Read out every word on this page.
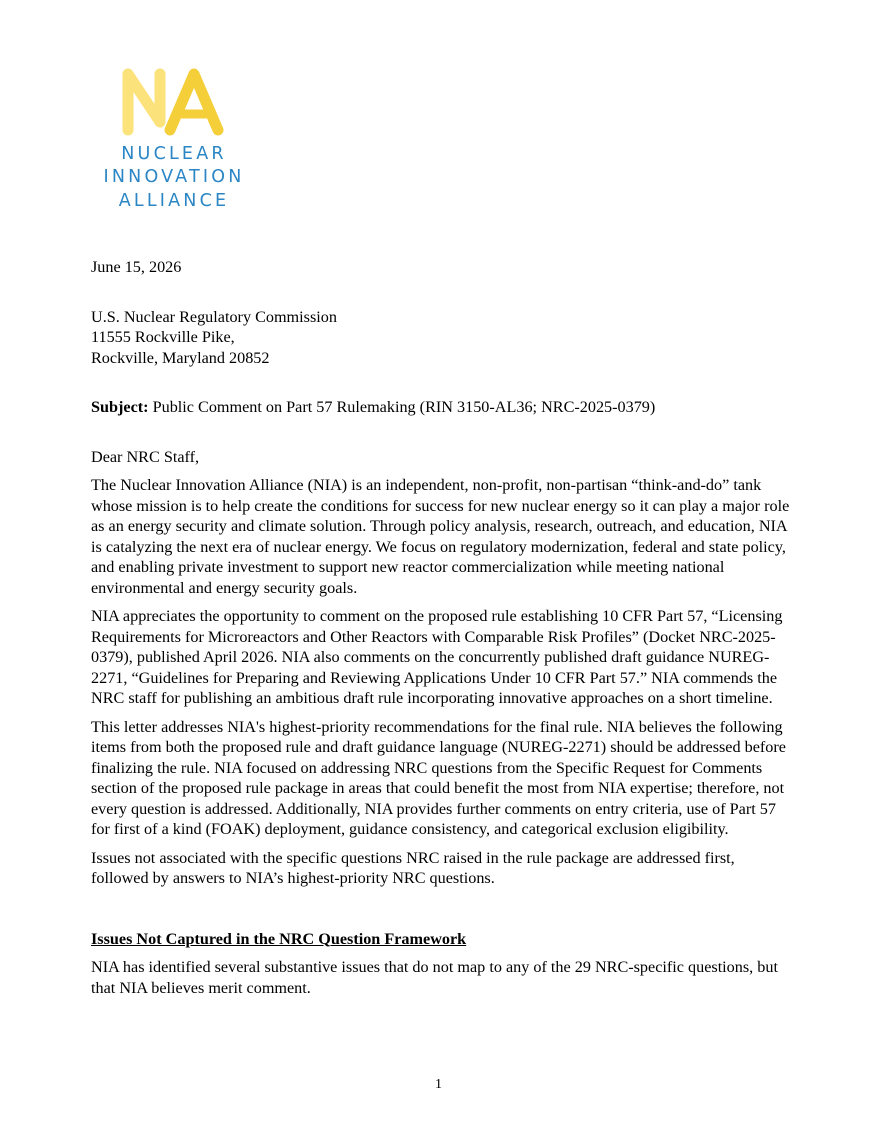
NUCLEAR
INNOVATION
ALLIANCE

June 15, 2026

U.S. Nuclear Regulatory Commission
11555 Rockville Pike,
Rockville, Maryland 20852

Subject: Public Comment on Part 57 Rulemaking (RIN 3150-AL36; NRC-2025-0379)

Dear NRC Staff,

The Nuclear Innovation Alliance (NIA) is an independent, non-profit, non-partisan “think-and-do” tank whose mission is to help create the conditions for success for new nuclear energy so it can play a major role as an energy security and climate solution. Through policy analysis, research, outreach, and education, NIA is catalyzing the next era of nuclear energy. We focus on regulatory modernization, federal and state policy, and enabling private investment to support new reactor commercialization while meeting national environmental and energy security goals.

NIA appreciates the opportunity to comment on the proposed rule establishing 10 CFR Part 57, “Licensing Requirements for Microreactors and Other Reactors with Comparable Risk Profiles” (Docket NRC-2025-0379), published April 2026. NIA also comments on the concurrently published draft guidance NUREG-2271, “Guidelines for Preparing and Reviewing Applications Under 10 CFR Part 57.” NIA commends the NRC staff for publishing an ambitious draft rule incorporating innovative approaches on a short timeline.

This letter addresses NIA's highest-priority recommendations for the final rule. NIA believes the following items from both the proposed rule and draft guidance language (NUREG-2271) should be addressed before finalizing the rule. NIA focused on addressing NRC questions from the Specific Request for Comments section of the proposed rule package in areas that could benefit the most from NIA expertise; therefore, not every question is addressed. Additionally, NIA provides further comments on entry criteria, use of Part 57 for first of a kind (FOAK) deployment, guidance consistency, and categorical exclusion eligibility.

Issues not associated with the specific questions NRC raised in the rule package are addressed first, followed by answers to NIA’s highest-priority NRC questions.

Issues Not Captured in the NRC Question Framework

NIA has identified several substantive issues that do not map to any of the 29 NRC-specific questions, but that NIA believes merit comment.

1
